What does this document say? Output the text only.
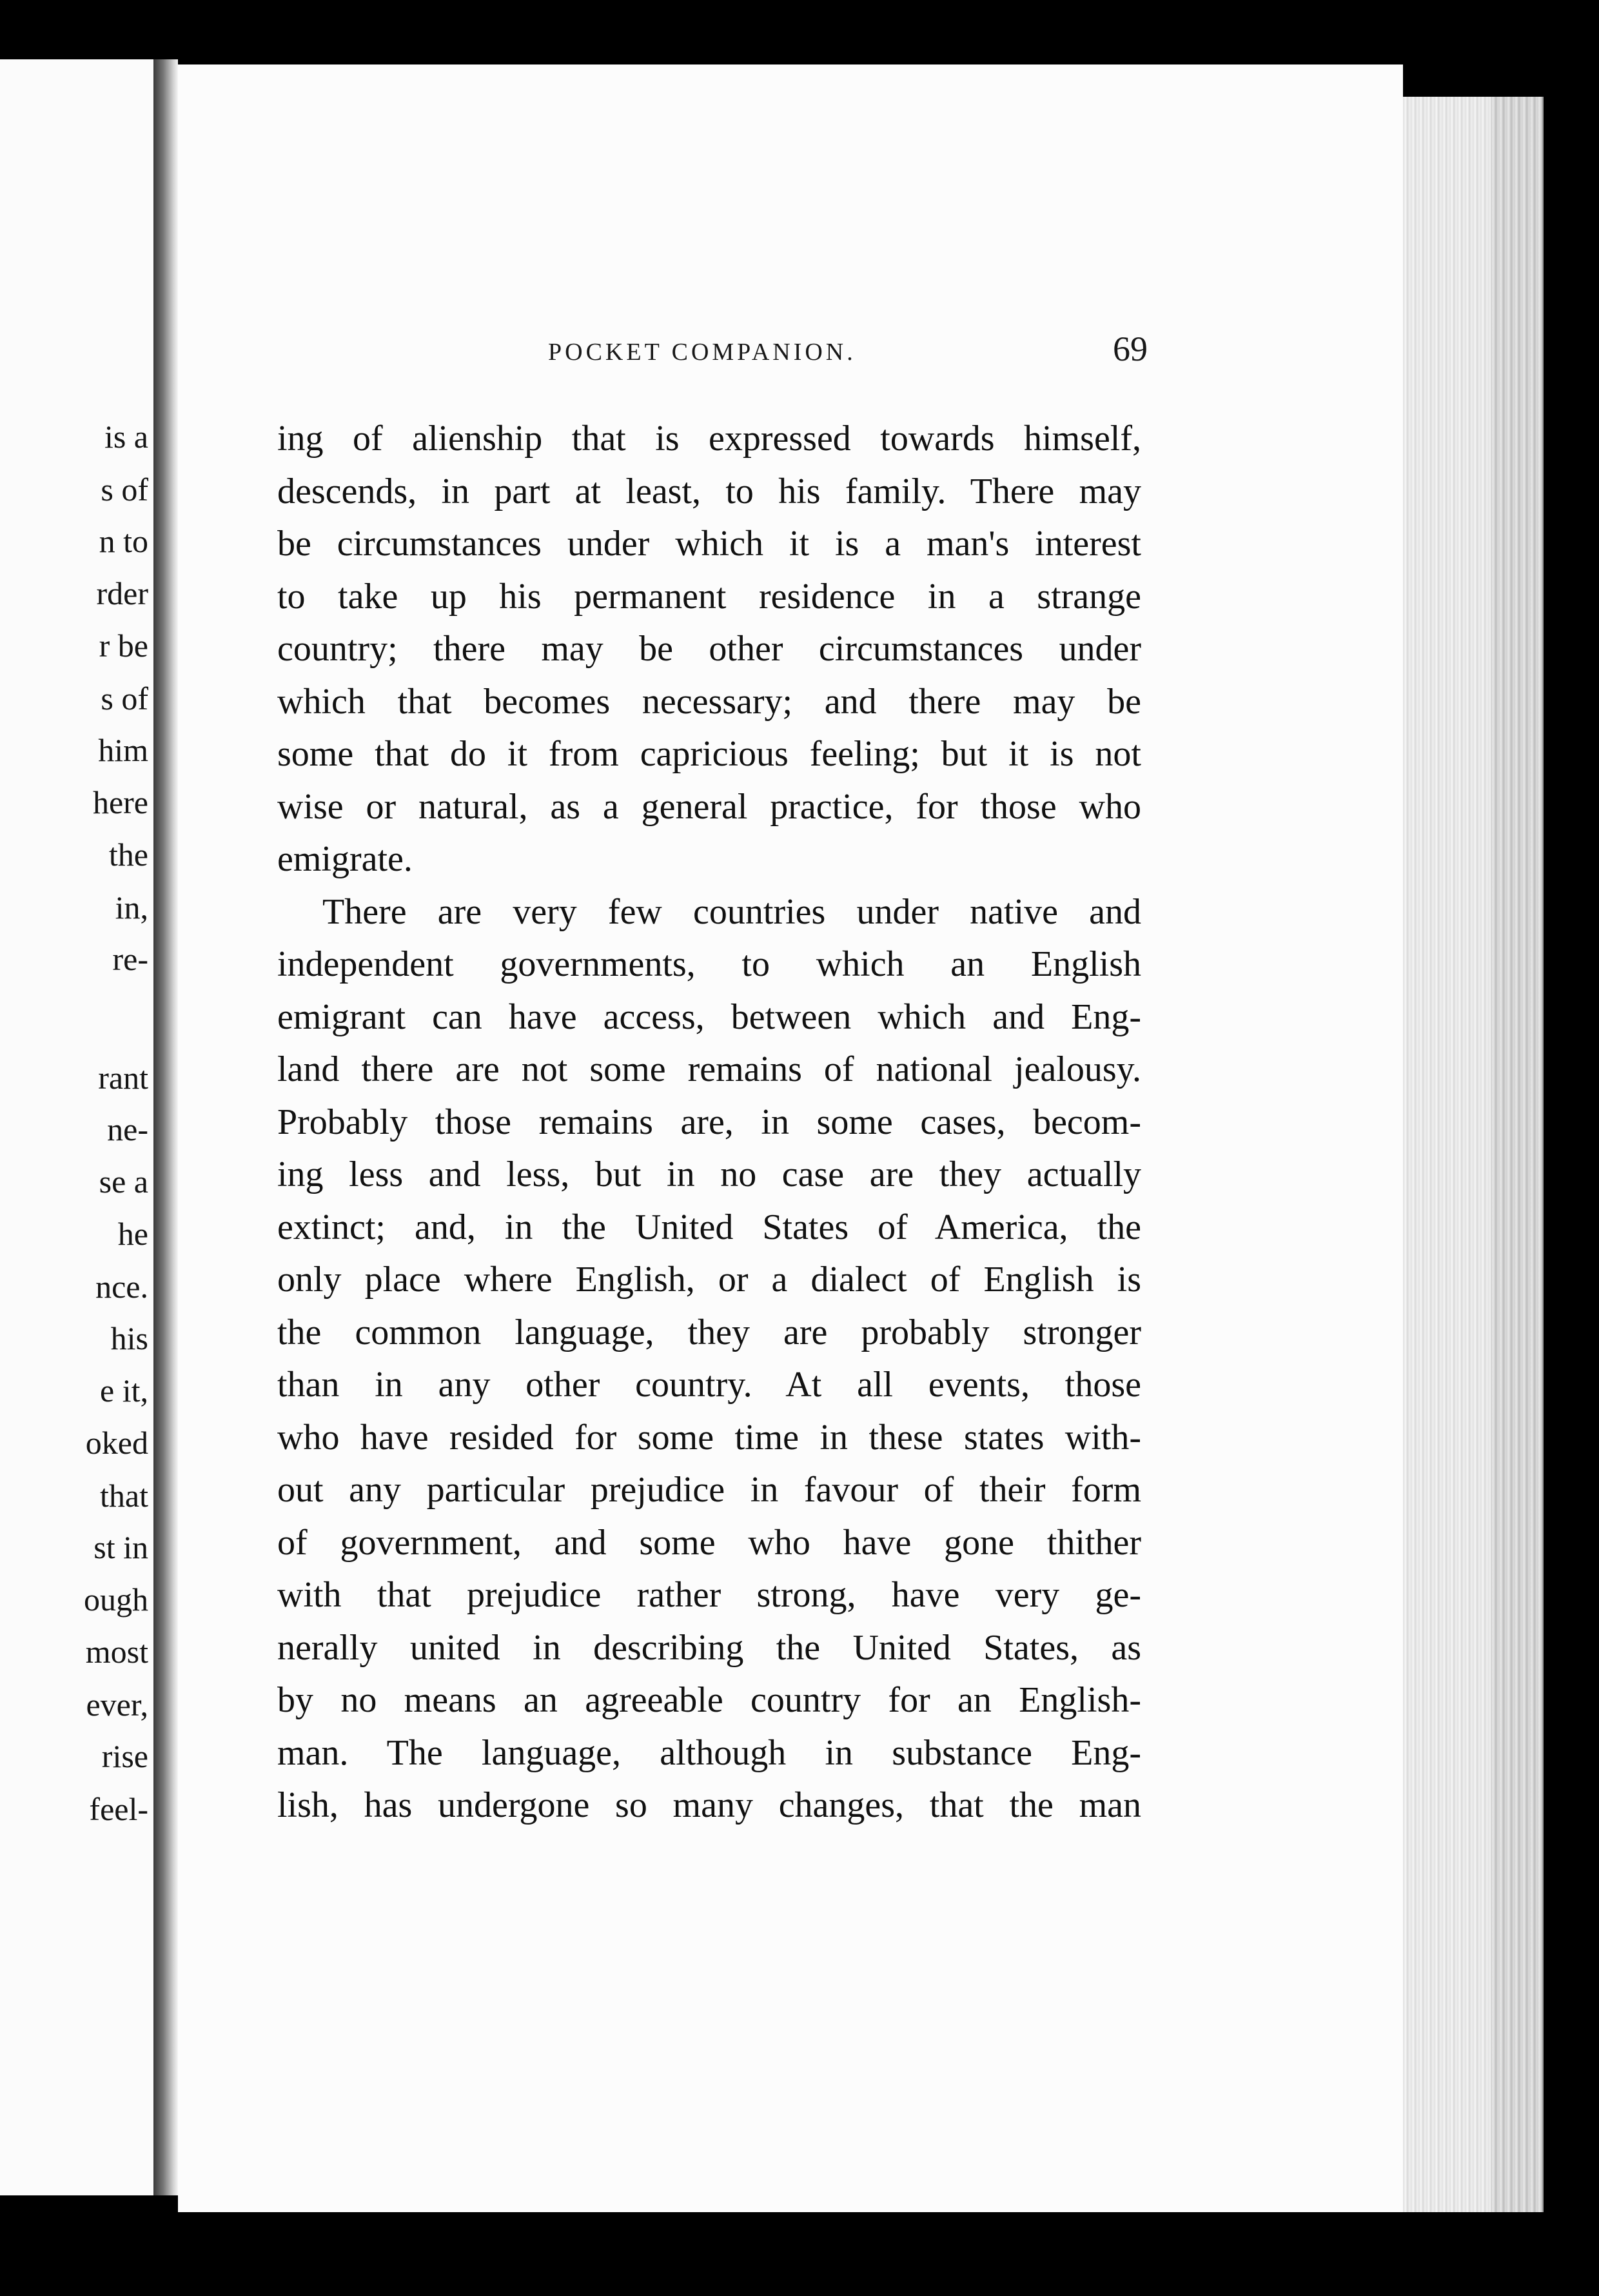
is a
s of
n to
rder
r be
s of
him
here
the
in,
re-
rant
ne-
se a
he
nce.
his
e it,
oked
that
st in
ough
most
ever,
rise
feel-
POCKET COMPANION.	69
ing of alienship that is expressed towards himself,
descends, in part at least, to his family. There may
be circumstances under which it is a man's interest
to take up his permanent residence in a strange
country; there may be other circumstances under
which that becomes necessary; and there may be
some that do it from capricious feeling; but it is not
wise or natural, as a general practice, for those who
emigrate.
There are very few countries under native and
independent governments, to which an English
emigrant can have access, between which and Eng-
land there are not some remains of national jealousy.
Probably those remains are, in some cases, becom-
ing less and less, but in no case are they actually
extinct; and, in the United States of America, the
only place where English, or a dialect of English is
the common language, they are probably stronger
than in any other country. At all events, those
who have resided for some time in these states with-
out any particular prejudice in favour of their form
of government, and some who have gone thither
with that prejudice rather strong, have very ge-
nerally united in describing the United States, as
by no means an agreeable country for an English-
man. The language, although in substance Eng-
lish, has undergone so many changes, that the man
